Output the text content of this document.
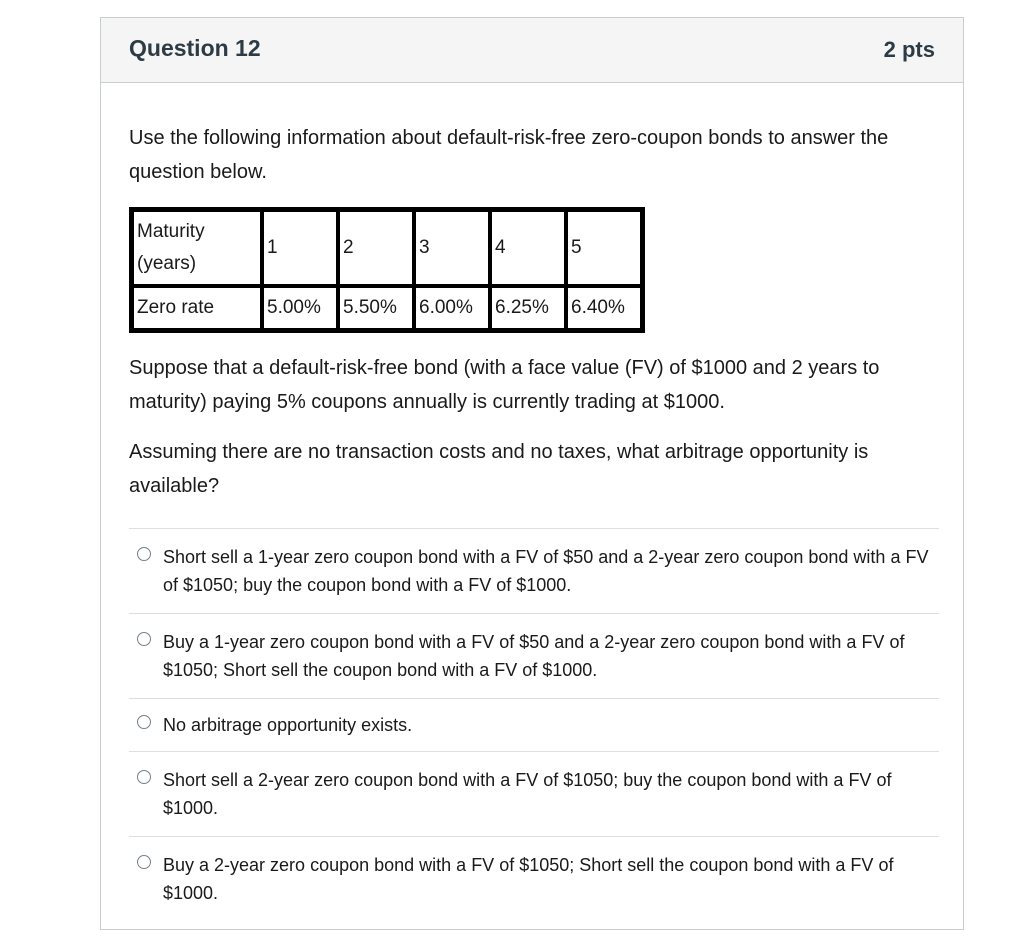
Question 12	2 pts

Use the following information about default-risk-free zero-coupon bonds to answer the question below.

Maturity (years)	1	2	3	4	5
Zero rate	5.00%	5.50%	6.00%	6.25%	6.40%

Suppose that a default-risk-free bond (with a face value (FV) of $1000 and 2 years to maturity) paying 5% coupons annually is currently trading at $1000.

Assuming there are no transaction costs and no taxes, what arbitrage opportunity is available?

Short sell a 1-year zero coupon bond with a FV of $50 and a 2-year zero coupon bond with a FV of $1050; buy the coupon bond with a FV of $1000.
Buy a 1-year zero coupon bond with a FV of $50 and a 2-year zero coupon bond with a FV of $1050; Short sell the coupon bond with a FV of $1000.
No arbitrage opportunity exists.
Short sell a 2-year zero coupon bond with a FV of $1050; buy the coupon bond with a FV of $1000.
Buy a 2-year zero coupon bond with a FV of $1050; Short sell the coupon bond with a FV of $1000.
